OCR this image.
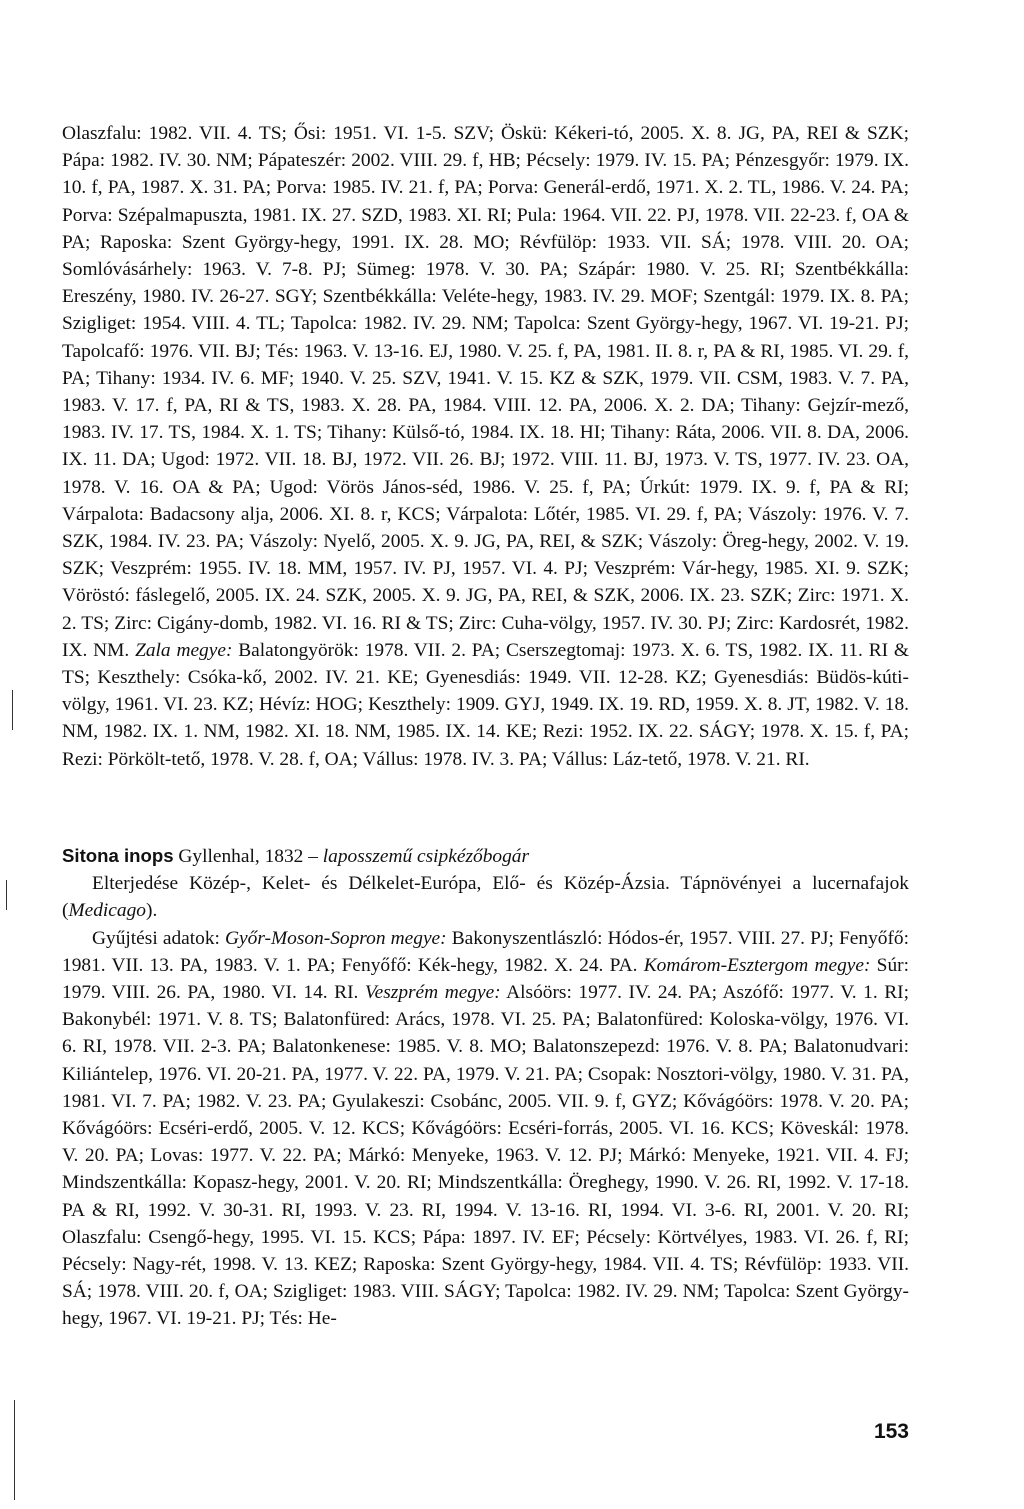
Olaszfalu: 1982. VII. 4. TS; Ősi: 1951. VI. 1-5. SZV; Öskü: Kékeri-tó, 2005. X. 8. JG, PA, REI & SZK; Pápa: 1982. IV. 30. NM; Pápateszér: 2002. VIII. 29. f, HB; Pécsely: 1979. IV. 15. PA; Pénzesgyőr: 1979. IX. 10. f, PA, 1987. X. 31. PA; Porva: 1985. IV. 21. f, PA; Porva: Generál-erdő, 1971. X. 2. TL, 1986. V. 24. PA; Porva: Szépalmapuszta, 1981. IX. 27. SZD, 1983. XI. RI; Pula: 1964. VII. 22. PJ, 1978. VII. 22-23. f, OA & PA; Raposka: Szent György-hegy, 1991. IX. 28. MO; Révfülöp: 1933. VII. SÁ; 1978. VIII. 20. OA; Somlóvásárhely: 1963. V. 7-8. PJ; Sümeg: 1978. V. 30. PA; Szápár: 1980. V. 25. RI; Szentbékkálla: Ereszény, 1980. IV. 26-27. SGY; Szentbékkálla: Veléte-hegy, 1983. IV. 29. MOF; Szentgál: 1979. IX. 8. PA; Szigliget: 1954. VIII. 4. TL; Tapolca: 1982. IV. 29. NM; Tapolca: Szent György-hegy, 1967. VI. 19-21. PJ; Tapolcafő: 1976. VII. BJ; Tés: 1963. V. 13-16. EJ, 1980. V. 25. f, PA, 1981. II. 8. r, PA & RI, 1985. VI. 29. f, PA; Tihany: 1934. IV. 6. MF; 1940. V. 25. SZV, 1941. V. 15. KZ & SZK, 1979. VII. CSM, 1983. V. 7. PA, 1983. V. 17. f, PA, RI & TS, 1983. X. 28. PA, 1984. VIII. 12. PA, 2006. X. 2. DA; Tihany: Gejzír-mező, 1983. IV. 17. TS, 1984. X. 1. TS; Tihany: Külső-tó, 1984. IX. 18. HI; Tihany: Ráta, 2006. VII. 8. DA, 2006. IX. 11. DA; Ugod: 1972. VII. 18. BJ, 1972. VII. 26. BJ; 1972. VIII. 11. BJ, 1973. V. TS, 1977. IV. 23. OA, 1978. V. 16. OA & PA; Ugod: Vörös János-séd, 1986. V. 25. f, PA; Úrkút: 1979. IX. 9. f, PA & RI; Várpalota: Badacsony alja, 2006. XI. 8. r, KCS; Várpalota: Lőtér, 1985. VI. 29. f, PA; Vászoly: 1976. V. 7. SZK, 1984. IV. 23. PA; Vászoly: Nyelő, 2005. X. 9. JG, PA, REI, & SZK; Vászoly: Öreg-hegy, 2002. V. 19. SZK; Veszprém: 1955. IV. 18. MM, 1957. IV. PJ, 1957. VI. 4. PJ; Veszprém: Vár-hegy, 1985. XI. 9. SZK; Vöröstó: fáslegelő, 2005. IX. 24. SZK, 2005. X. 9. JG, PA, REI, & SZK, 2006. IX. 23. SZK; Zirc: 1971. X. 2. TS; Zirc: Cigány-domb, 1982. VI. 16. RI & TS; Zirc: Cuha-völgy, 1957. IV. 30. PJ; Zirc: Kardosrét, 1982. IX. NM. Zala megye: Balatongyörök: 1978. VII. 2. PA; Cserszegtomaj: 1973. X. 6. TS, 1982. IX. 11. RI & TS; Keszthely: Csóka-kő, 2002. IV. 21. KE; Gyenesdiás: 1949. VII. 12-28. KZ; Gyenesdiás: Büdös-kúti-völgy, 1961. VI. 23. KZ; Hévíz: HOG; Keszthely: 1909. GYJ, 1949. IX. 19. RD, 1959. X. 8. JT, 1982. V. 18. NM, 1982. IX. 1. NM, 1982. XI. 18. NM, 1985. IX. 14. KE; Rezi: 1952. IX. 22. SÁGY; 1978. X. 15. f, PA; Rezi: Pörkölt-tető, 1978. V. 28. f, OA; Vállus: 1978. IV. 3. PA; Vállus: Láz-tető, 1978. V. 21. RI.

Sitona inops Gyllenhal, 1832 – laposszemű csipkézőbogár

Elterjedése Közép-, Kelet- és Délkelet-Európa, Elő- és Közép-Ázsia. Tápnövényei a lucernafajok (Medicago).

Gyűjtési adatok: Győr-Moson-Sopron megye: Bakonyszentlászló: Hódos-ér, 1957. VIII. 27. PJ; Fenyőfő: 1981. VII. 13. PA, 1983. V. 1. PA; Fenyőfő: Kék-hegy, 1982. X. 24. PA. Komárom-Esztergom megye: Súr: 1979. VIII. 26. PA, 1980. VI. 14. RI. Veszprém megye: Alsóörs: 1977. IV. 24. PA; Aszófő: 1977. V. 1. RI; Bakonybél: 1971. V. 8. TS; Balatonfüred: Arács, 1978. VI. 25. PA; Balatonfüred: Koloska-völgy, 1976. VI. 6. RI, 1978. VII. 2-3. PA; Balatonkenese: 1985. V. 8. MO; Balatonszepezd: 1976. V. 8. PA; Balatonudvari: Kiliántelep, 1976. VI. 20-21. PA, 1977. V. 22. PA, 1979. V. 21. PA; Csopak: Nosztori-völgy, 1980. V. 31. PA, 1981. VI. 7. PA; 1982. V. 23. PA; Gyulakeszi: Csobánc, 2005. VII. 9. f, GYZ; Kővágóörs: 1978. V. 20. PA; Kővágóörs: Ecséri-erdő, 2005. V. 12. KCS; Kővágóörs: Ecséri-forrás, 2005. VI. 16. KCS; Köveskál: 1978. V. 20. PA; Lovas: 1977. V. 22. PA; Márkó: Menyeke, 1963. V. 12. PJ; Márkó: Menyeke, 1921. VII. 4. FJ; Mindszentkálla: Kopasz-hegy, 2001. V. 20. RI; Mindszentkálla: Öreghegy, 1990. V. 26. RI, 1992. V. 17-18. PA & RI, 1992. V. 30-31. RI, 1993. V. 23. RI, 1994. V. 13-16. RI, 1994. VI. 3-6. RI, 2001. V. 20. RI; Olaszfalu: Csengő-hegy, 1995. VI. 15. KCS; Pápa: 1897. IV. EF; Pécsely: Körtvélyes, 1983. VI. 26. f, RI; Pécsely: Nagy-rét, 1998. V. 13. KEZ; Raposka: Szent György-hegy, 1984. VII. 4. TS; Révfülöp: 1933. VII. SÁ; 1978. VIII. 20. f, OA; Szigliget: 1983. VIII. SÁGY; Tapolca: 1982. IV. 29. NM; Tapolca: Szent György-hegy, 1967. VI. 19-21. PJ; Tés: He-

153
